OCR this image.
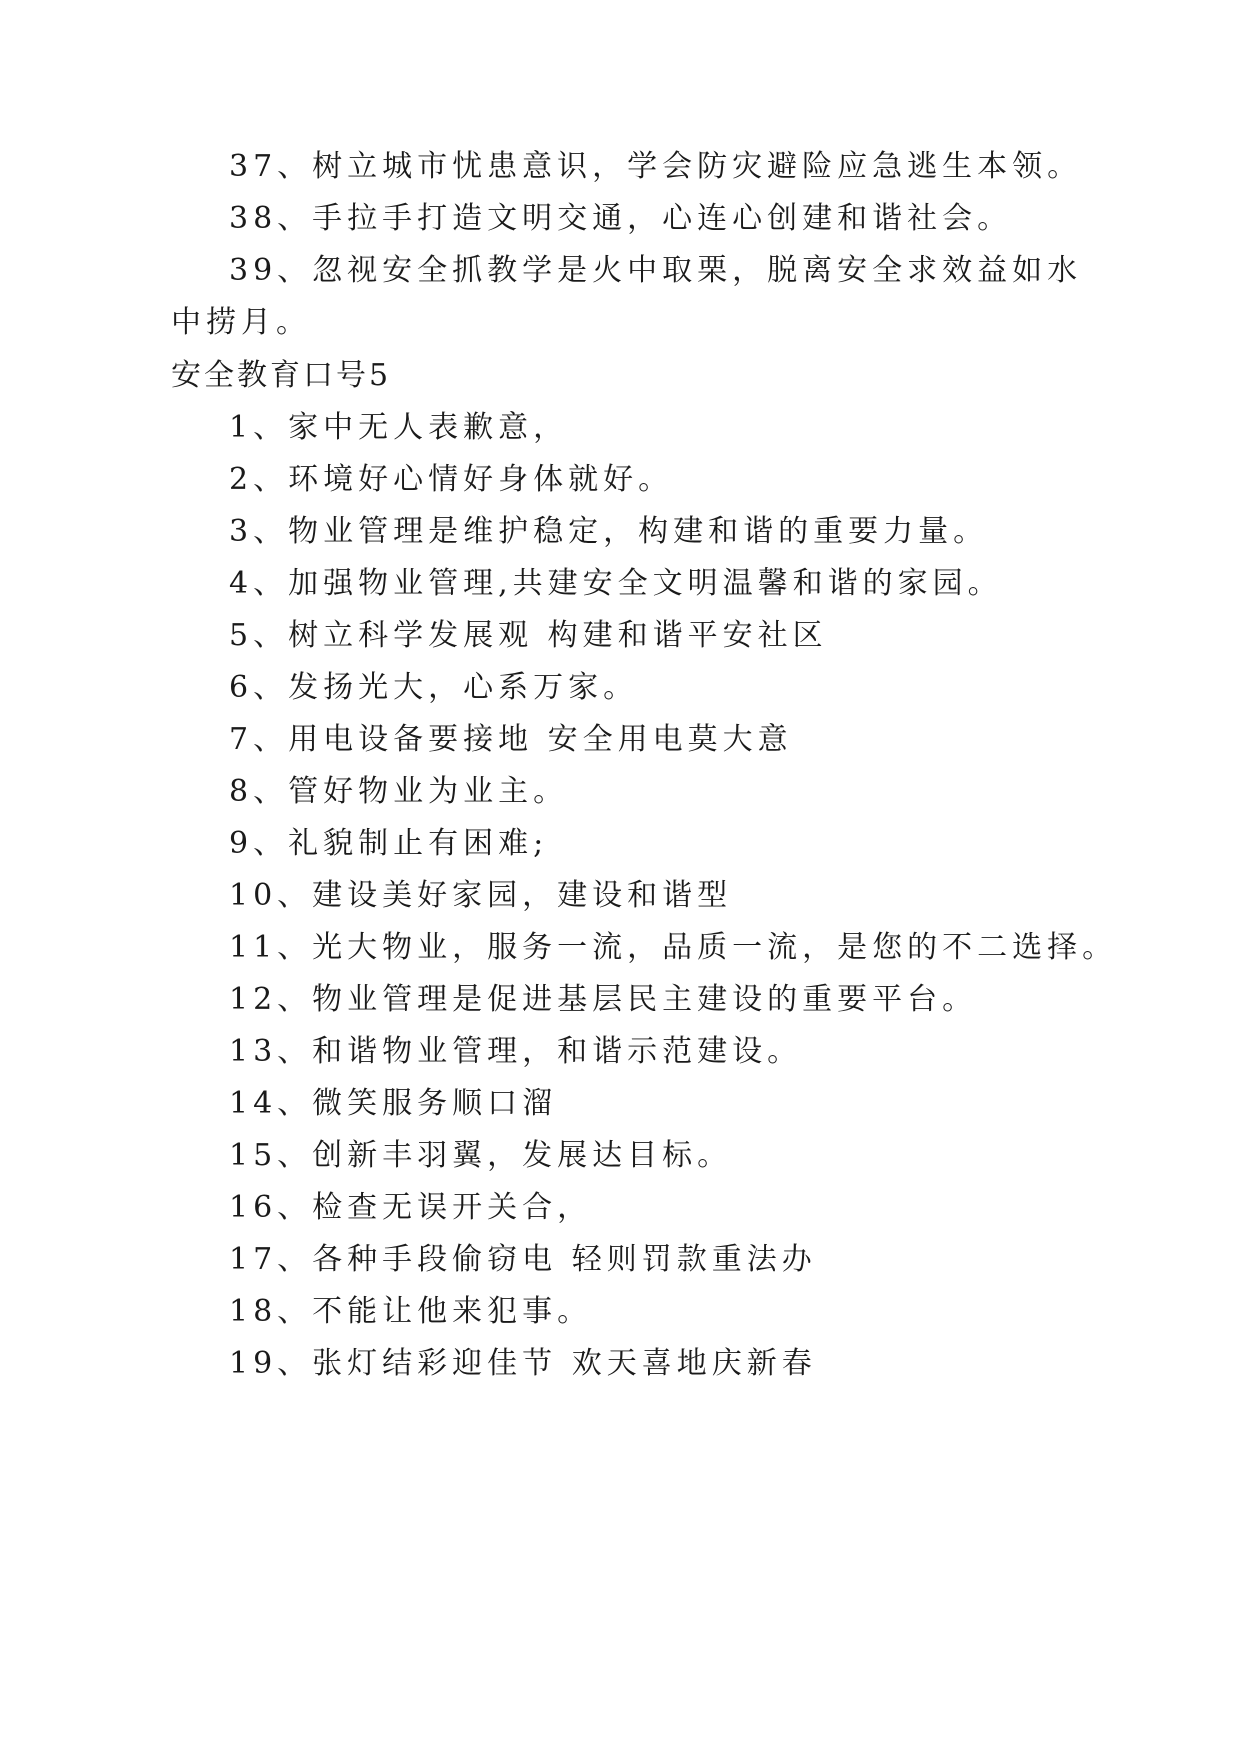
37、树立城市忧患意识，学会防灾避险应急逃生本领。
38、手拉手打造文明交通，心连心创建和谐社会。
39、忽视安全抓教学是火中取栗，脱离安全求效益如水
中捞月。
安全教育口号5
1、家中无人表歉意，
2、环境好心情好身体就好。
3、物业管理是维护稳定，构建和谐的重要力量。
4、加强物业管理,共建安全文明温馨和谐的家园。
5、树立科学发展观 构建和谐平安社区
6、发扬光大，心系万家。
7、用电设备要接地 安全用电莫大意
8、管好物业为业主。
9、礼貌制止有困难;
10、建设美好家园，建设和谐型
11、光大物业，服务一流，品质一流，是您的不二选择。
12、物业管理是促进基层民主建设的重要平台。
13、和谐物业管理，和谐示范建设。
14、微笑服务顺口溜
15、创新丰羽翼，发展达目标。
16、检查无误开关合，
17、各种手段偷窃电 轻则罚款重法办
18、不能让他来犯事。
19、张灯结彩迎佳节 欢天喜地庆新春
